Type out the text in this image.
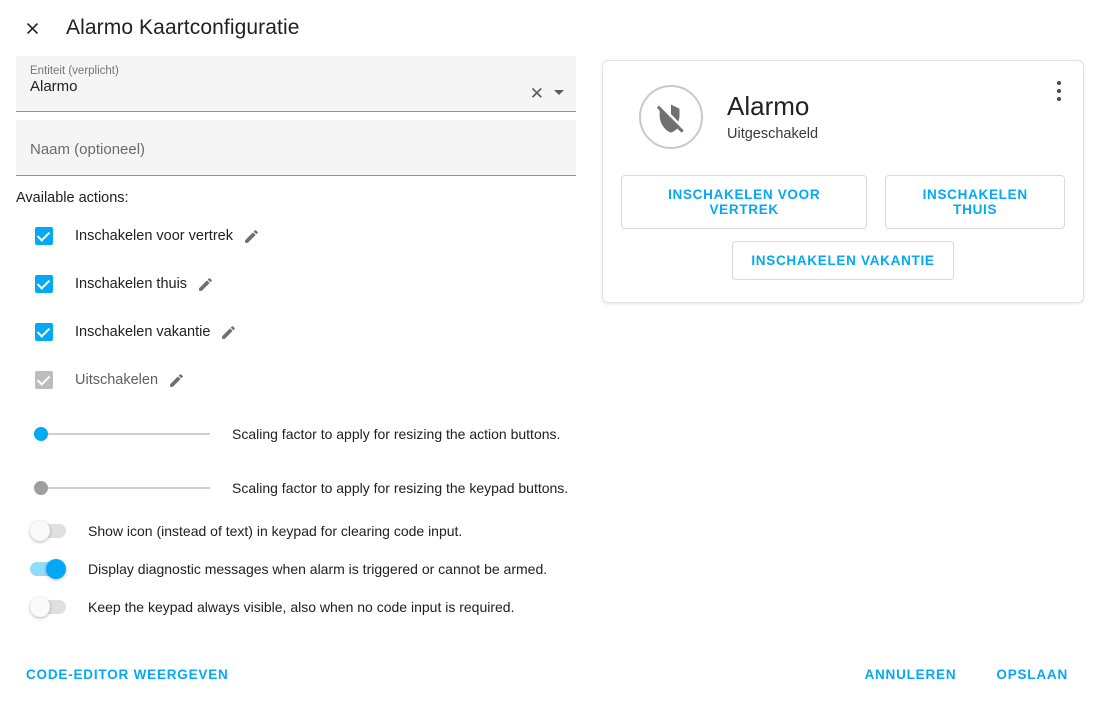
Alarmo Kaartconfiguratie
Entiteit (verplicht)
Alarmo	✕
Naam (optioneel)
Available actions:
Inschakelen voor vertrek
Inschakelen thuis
Inschakelen vakantie
Uitschakelen
Scaling factor to apply for resizing the action buttons.
Scaling factor to apply for resizing the keypad buttons.
Show icon (instead of text) in keypad for clearing code input.
Display diagnostic messages when alarm is triggered or cannot be armed.
Keep the keypad always visible, also when no code input is required.
Alarmo
Uitgeschakeld
INSCHAKELEN VOOR VERTREK
INSCHAKELEN THUIS
INSCHAKELEN VAKANTIE
CODE-EDITOR WEERGEVEN	ANNULEREN	OPSLAAN
